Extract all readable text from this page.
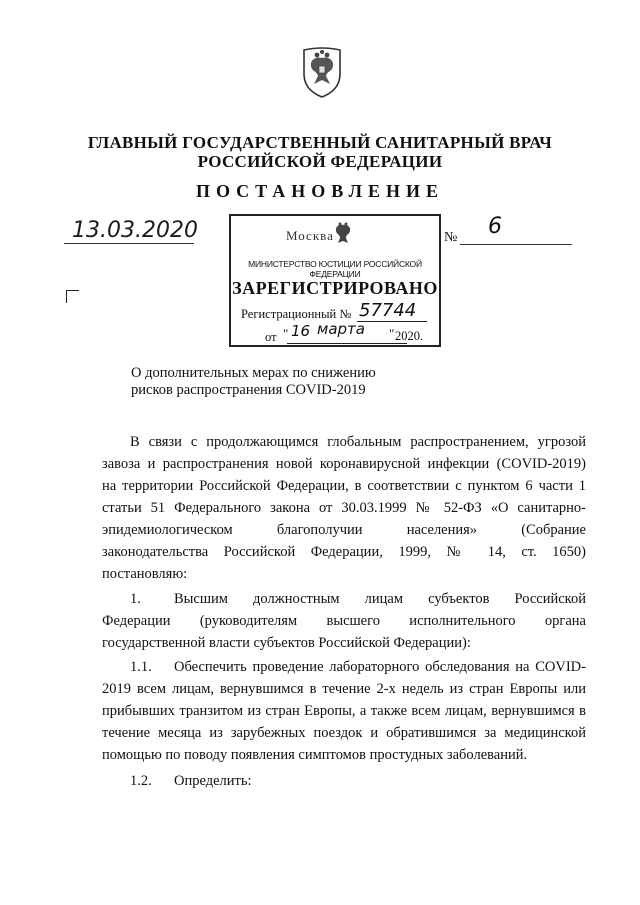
ГЛАВНЫЙ ГОСУДАРСТВЕННЫЙ САНИТАРНЫЙ ВРАЧ
РОССИЙСКОЙ ФЕДЕРАЦИИ
ПОСТАНОВЛЕНИЕ
13.03.2020	Москва
МИНИСТЕРСТВО ЮСТИЦИИ РОССИЙСКОЙ ФЕДЕРАЦИИ
ЗАРЕГИСТРИРОВАНО
Регистрационный № 57744
от " 16 марта " 2020.
№ 6
О дополнительных мерах по снижению
рисков распространения COVID-2019
В связи с продолжающимся глобальным распространением, угрозой
завоза и распространения новой коронавирусной инфекции (COVID-2019)
на территории Российской Федерации, в соответствии с пунктом 6 части 1
статьи 51 Федерального закона от 30.03.1999 № 52-ФЗ «О санитарно-
эпидемиологическом благополучии населения» (Собрание
законодательства Российской Федерации, 1999, № 14, ст. 1650)
постановляю:
1. Высшим должностным лицам субъектов Российской
Федерации (руководителям высшего исполнительного органа
государственной власти субъектов Российской Федерации):
1.1. Обеспечить проведение лабораторного обследования на COVID-
2019 всем лицам, вернувшимся в течение 2-х недель из стран Европы или
прибывших транзитом из стран Европы, а также всем лицам, вернувшимся в
течение месяца из зарубежных поездок и обратившимся за медицинской
помощью по поводу появления симптомов простудных заболеваний.
1.2. Определить:
